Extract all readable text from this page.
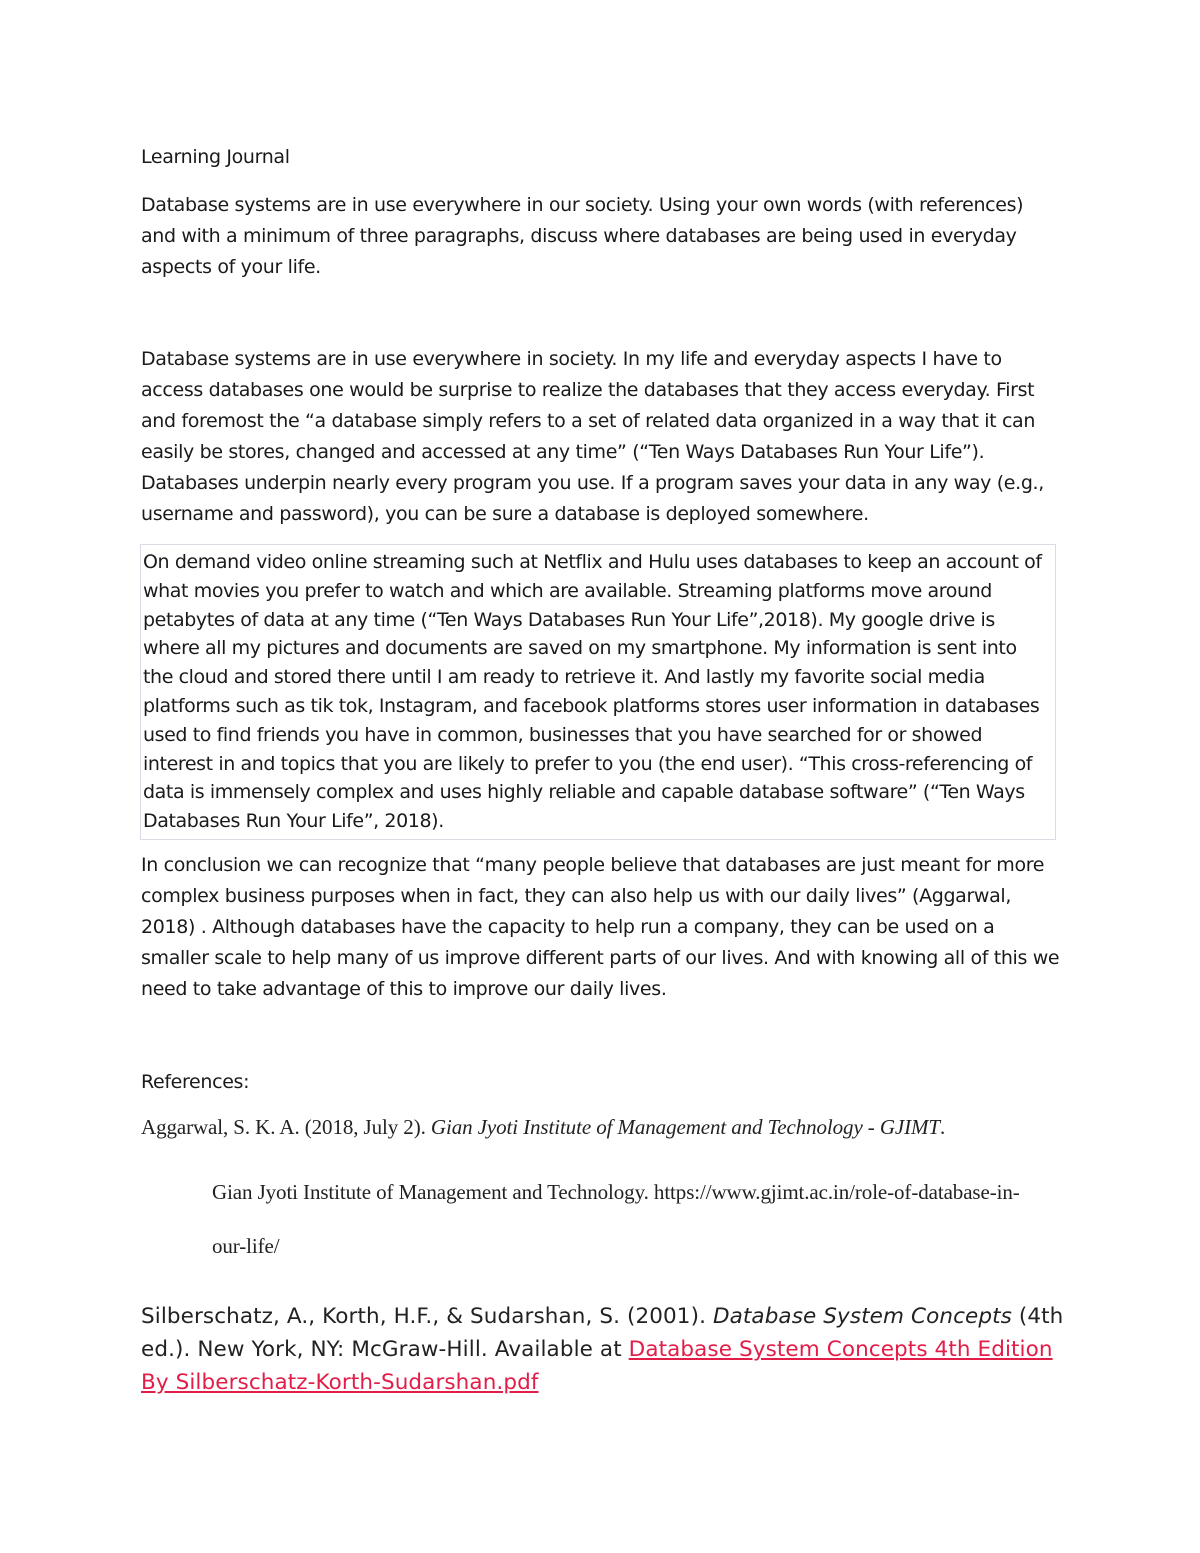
Learning Journal

Database systems are in use everywhere in our society. Using your own words (with references) and with a minimum of three paragraphs, discuss where databases are being used in everyday aspects of your life.

Database systems are in use everywhere in society. In my life and everyday aspects I have to access databases one would be surprise to realize the databases that they access everyday. First and foremost the “a database simply refers to a set of related data organized in a way that it can easily be stores, changed and accessed at any time” (“Ten Ways Databases Run Your Life”). Databases underpin nearly every program you use. If a program saves your data in any way (e.g., username and password), you can be sure a database is deployed somewhere.

On demand video online streaming such at Netflix and Hulu uses databases to keep an account of what movies you prefer to watch and which are available. Streaming platforms move around petabytes of data at any time (“Ten Ways Databases Run Your Life”,2018). My google drive is where all my pictures and documents are saved on my smartphone. My information is sent into the cloud and stored there until I am ready to retrieve it. And lastly my favorite social media platforms such as tik tok, Instagram, and facebook platforms stores user information in databases used to find friends you have in common, businesses that you have searched for or showed interest in and topics that you are likely to prefer to you (the end user). “This cross-referencing of data is immensely complex and uses highly reliable and capable database software” (“Ten Ways Databases Run Your Life”, 2018).

In conclusion we can recognize that “many people believe that databases are just meant for more complex business purposes when in fact, they can also help us with our daily lives” (Aggarwal, 2018) . Although databases have the capacity to help run a company, they can be used on a smaller scale to help many of us improve different parts of our lives. And with knowing all of this we need to take advantage of this to improve our daily lives.

References:

Aggarwal, S. K. A. (2018, July 2). Gian Jyoti Institute of Management and Technology - GJIMT.

Gian Jyoti Institute of Management and Technology. https://www.gjimt.ac.in/role-of-database-in-our-life/

Silberschatz, A., Korth, H.F., & Sudarshan, S. (2001). Database System Concepts (4th ed.). New York, NY: McGraw-Hill. Available at Database System Concepts 4th Edition By Silberschatz-Korth-Sudarshan.pdf
